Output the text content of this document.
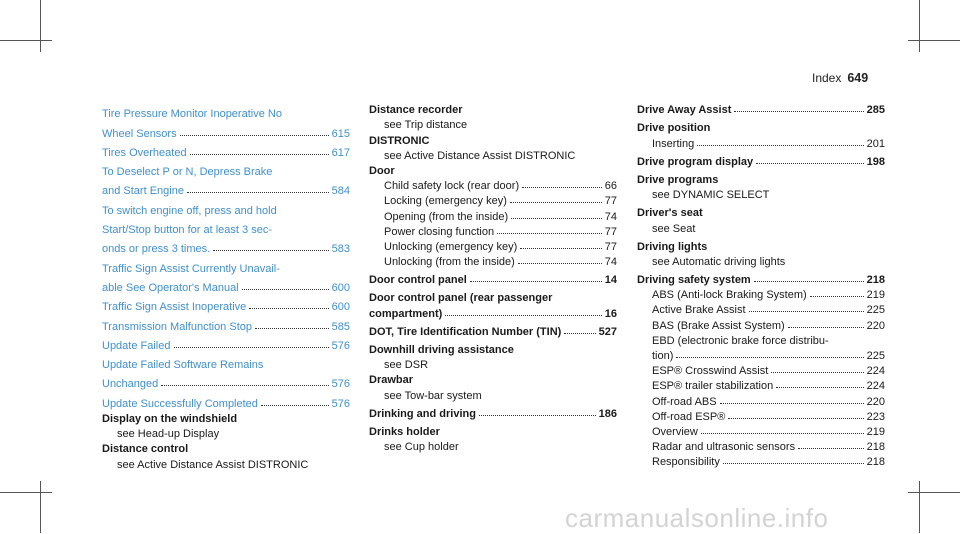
Index 649
Tire Pressure Monitor Inoperative No
Wheel Sensors	615
Tires Overheated	617
To Deselect P or N, Depress Brake
and Start Engine	584
To switch engine off, press and hold
Start/Stop button for at least 3 sec-
onds or press 3 times.	583
Traffic Sign Assist Currently Unavail-
able See Operator's Manual	600
Traffic Sign Assist Inoperative	600
Transmission Malfunction Stop	585
Update Failed	576
Update Failed Software Remains
Unchanged	576
Update Successfully Completed	576
Display on the windshield
see Head-up Display
Distance control
see Active Distance Assist DISTRONIC
Distance recorder
see Trip distance
DISTRONIC
see Active Distance Assist DISTRONIC
Door
Child safety lock (rear door)	66
Locking (emergency key)	77
Opening (from the inside)	74
Power closing function	77
Unlocking (emergency key)	77
Unlocking (from the inside)	74
Door control panel	14
Door control panel (rear passenger
compartment)	16
DOT, Tire Identification Number (TIN)	527
Downhill driving assistance
see DSR
Drawbar
see Tow-bar system
Drinking and driving	186
Drinks holder
see Cup holder
Drive Away Assist	285
Drive position
Inserting	201
Drive program display	198
Drive programs
see DYNAMIC SELECT
Driver's seat
see Seat
Driving lights
see Automatic driving lights
Driving safety system	218
ABS (Anti-lock Braking System)	219
Active Brake Assist	225
BAS (Brake Assist System)	220
EBD (electronic brake force distribu-
tion)	225
ESP® Crosswind Assist	224
ESP® trailer stabilization	224
Off-road ABS	220
Off-road ESP®	223
Overview	219
Radar and ultrasonic sensors	218
Responsibility	218
carmanualsonline.info
